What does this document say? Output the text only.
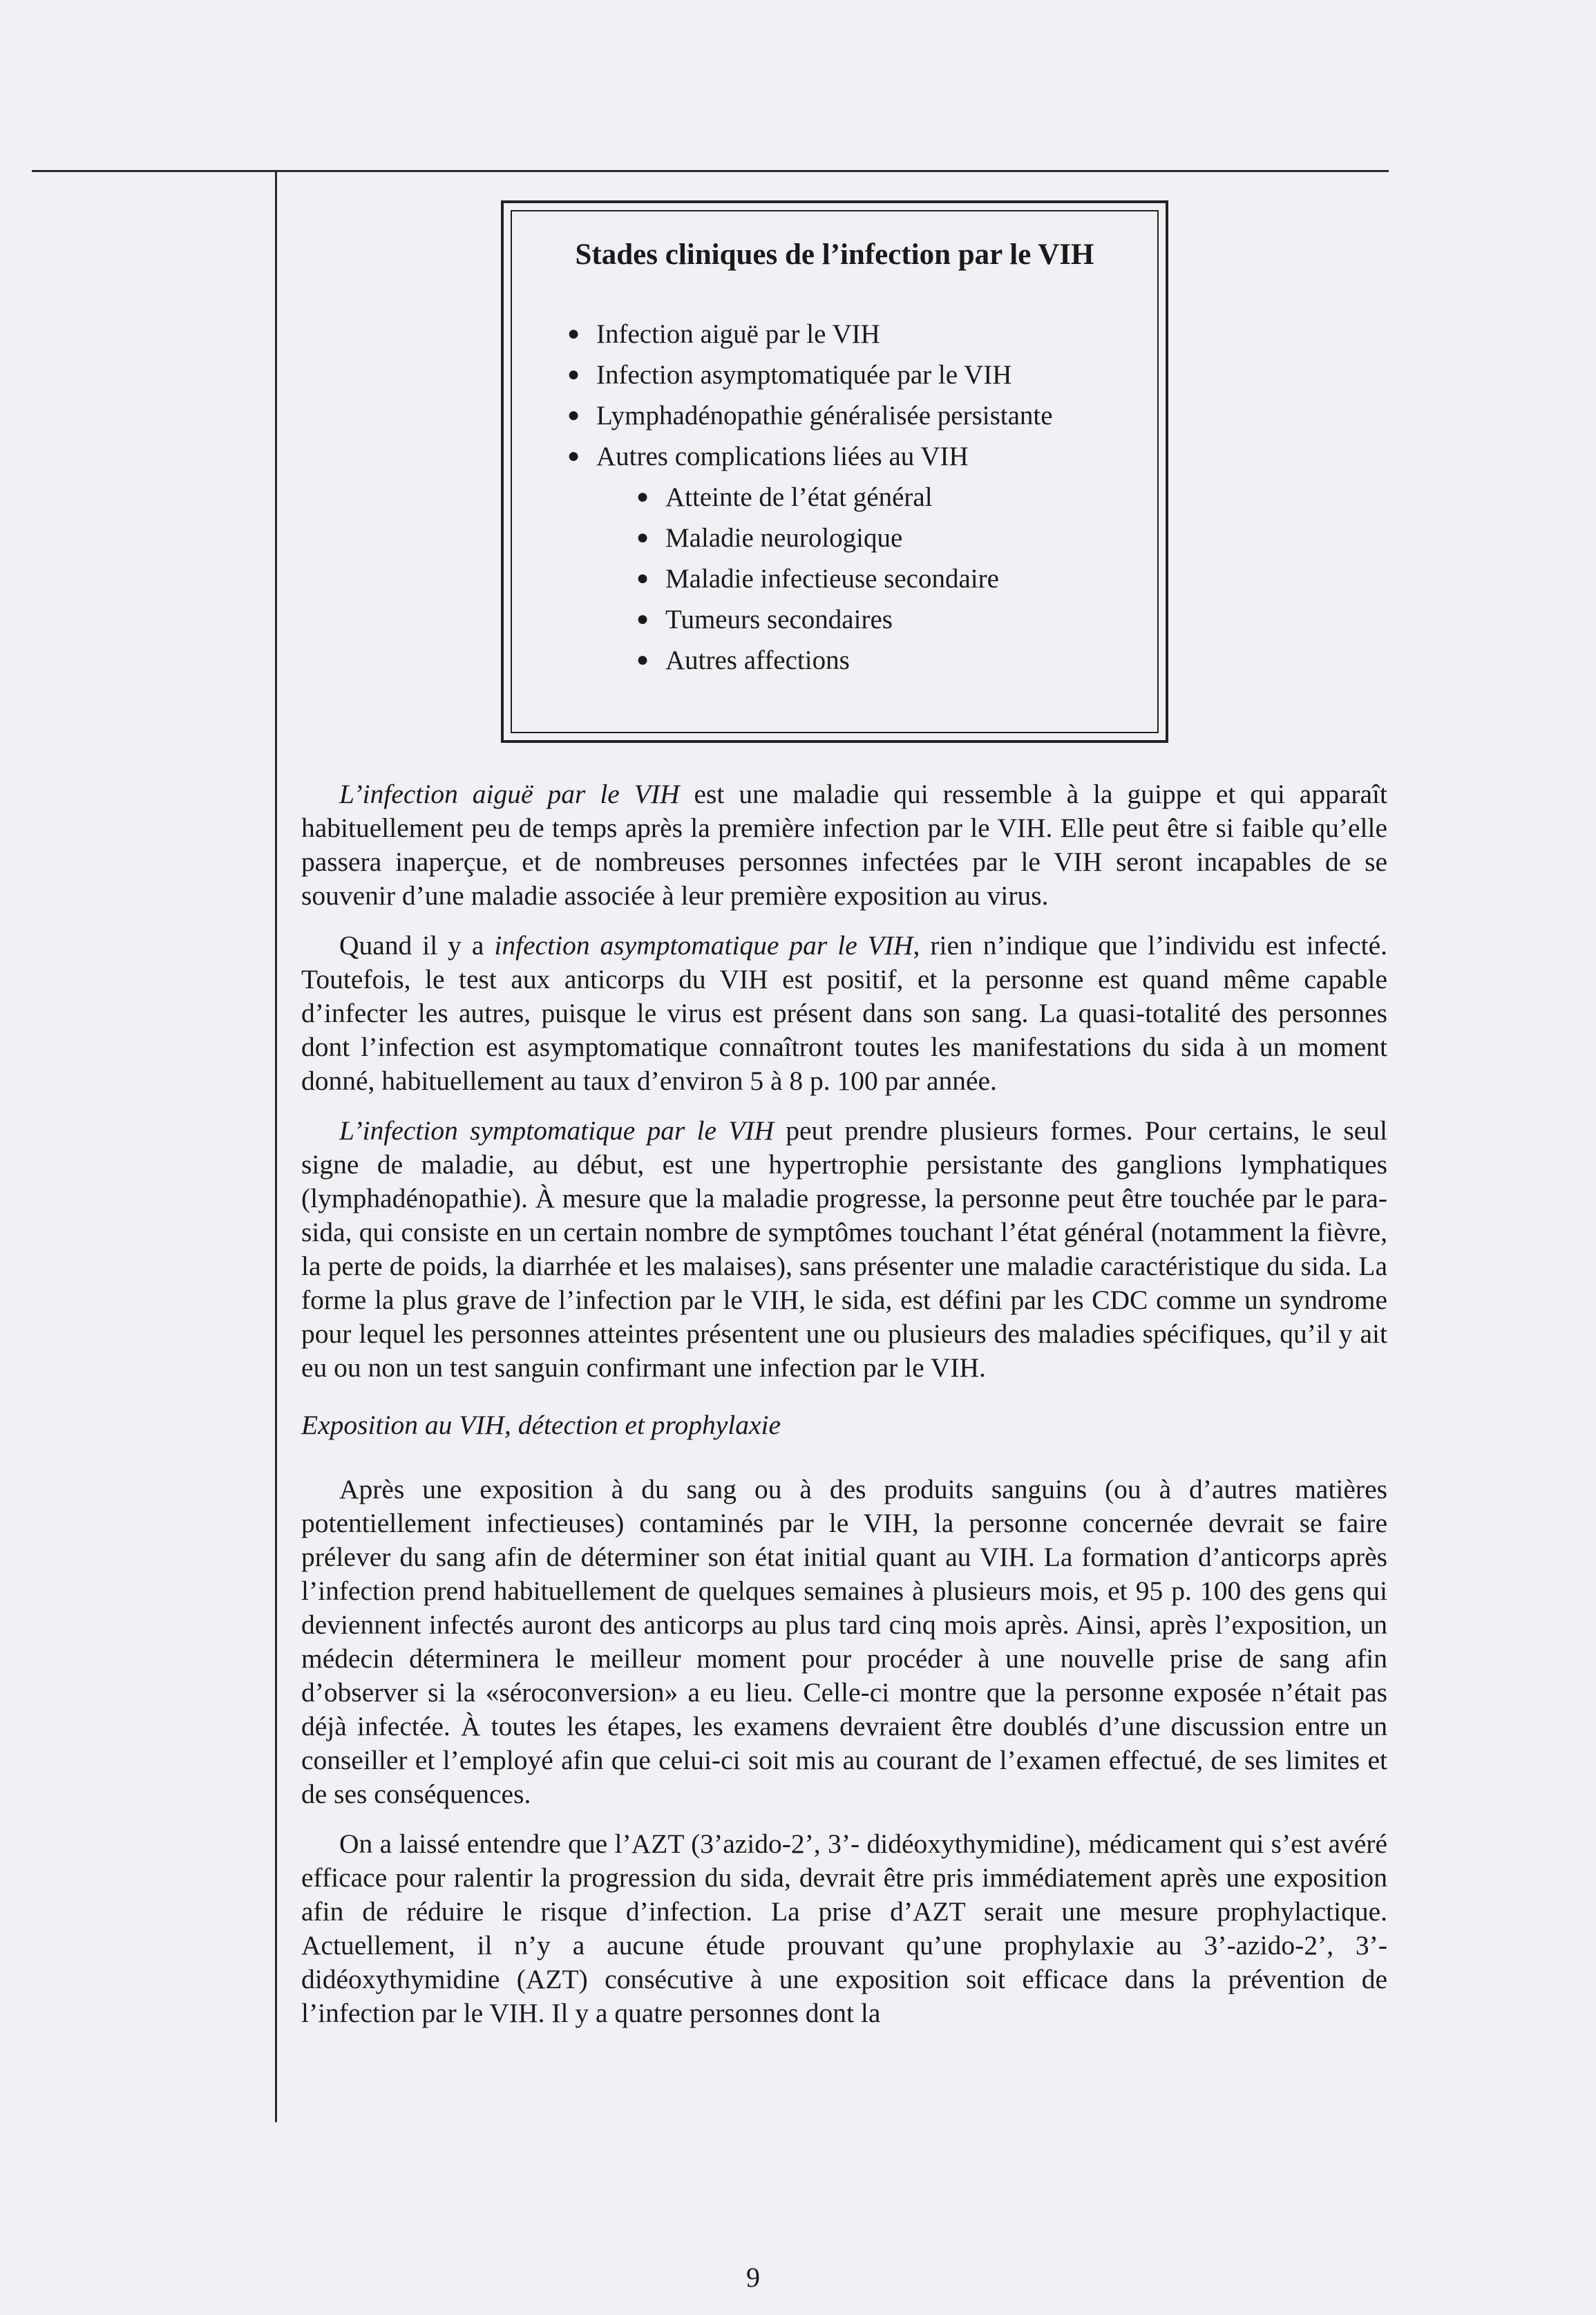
Stades cliniques de l’infection par le VIH
● Infection aiguë par le VIH
● Infection asymptomatiquée par le VIH
● Lymphadénopathie généralisée persistante
● Autres complications liées au VIH
● Atteinte de l’état général
● Maladie neurologique
● Maladie infectieuse secondaire
● Tumeurs secondaires
● Autres affections

L’infection aiguë par le VIH est une maladie qui ressemble à la guippe et qui apparaît habituellement peu de temps après la première infection par le VIH. Elle peut être si faible qu’elle passera inaperçue, et de nombreuses personnes infectées par le VIH seront incapables de se souvenir d’une maladie associée à leur première exposition au virus.

Quand il y a infection asymptomatique par le VIH, rien n’indique que l’individu est infecté. Toutefois, le test aux anticorps du VIH est positif, et la personne est quand même capable d’infecter les autres, puisque le virus est présent dans son sang. La quasi-totalité des personnes dont l’infection est asymptomatique connaîtront toutes les manifestations du sida à un moment donné, habituellement au taux d’environ 5 à 8 p. 100 par année.

L’infection symptomatique par le VIH peut prendre plusieurs formes. Pour certains, le seul signe de maladie, au début, est une hypertrophie persistante des ganglions lymphatiques (lymphadénopathie). À mesure que la maladie progresse, la personne peut être touchée par le para-sida, qui consiste en un certain nombre de symptômes touchant l’état général (notamment la fièvre, la perte de poids, la diarrhée et les malaises), sans présenter une maladie caractéristique du sida. La forme la plus grave de l’infection par le VIH, le sida, est défini par les CDC comme un syndrome pour lequel les personnes atteintes présentent une ou plusieurs des maladies spécifiques, qu’il y ait eu ou non un test sanguin confirmant une infection par le VIH.

Exposition au VIH, détection et prophylaxie

Après une exposition à du sang ou à des produits sanguins (ou à d’autres matières potentiellement infectieuses) contaminés par le VIH, la personne concernée devrait se faire prélever du sang afin de déterminer son état initial quant au VIH. La formation d’anticorps après l’infection prend habituellement de quelques semaines à plusieurs mois, et 95 p. 100 des gens qui deviennent infectés auront des anticorps au plus tard cinq mois après. Ainsi, après l’exposition, un médecin déterminera le meilleur moment pour procéder à une nouvelle prise de sang afin d’observer si la «séroconversion» a eu lieu. Celle-ci montre que la personne exposée n’était pas déjà infectée. À toutes les étapes, les examens devraient être doublés d’une discussion entre un conseiller et l’employé afin que celui-ci soit mis au courant de l’examen effectué, de ses limites et de ses conséquences.

On a laissé entendre que l’AZT (3’azido-2’, 3’- didéoxythymidine), médicament qui s’est avéré efficace pour ralentir la progression du sida, devrait être pris immédiatement après une exposition afin de réduire le risque d’infection. La prise d’AZT serait une mesure prophylactique. Actuellement, il n’y a aucune étude prouvant qu’une prophylaxie au 3’-azido-2’, 3’- didéoxythymidine (AZT) consécutive à une exposition soit efficace dans la prévention de l’infection par le VIH. Il y a quatre personnes dont la

9
